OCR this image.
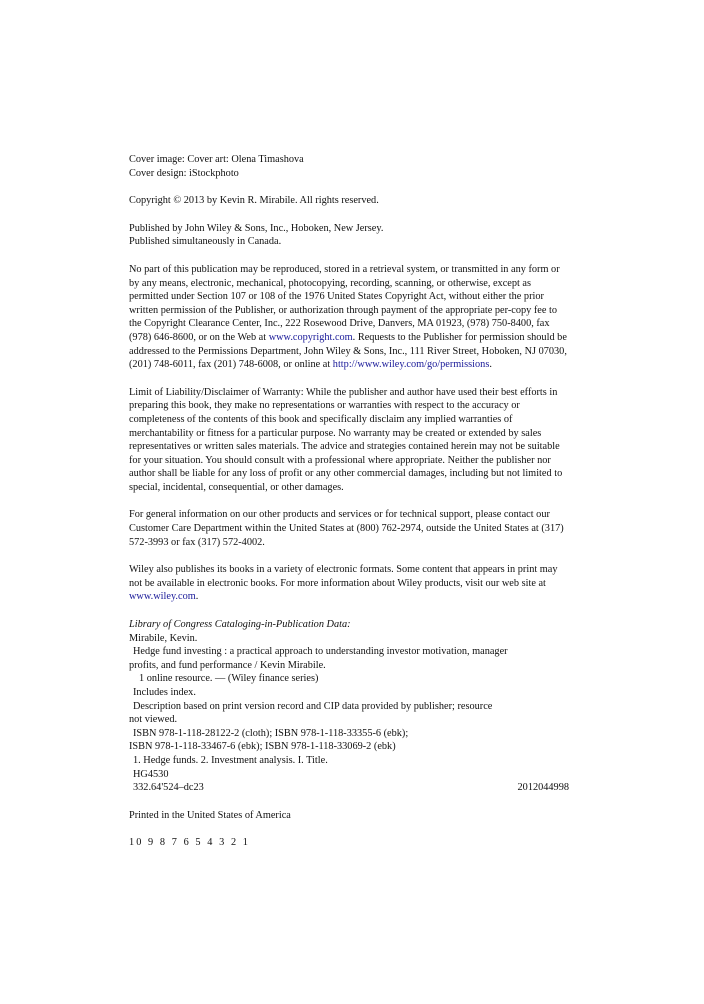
Cover image: Cover art: Olena Timashova
Cover design: iStockphoto
Copyright © 2013 by Kevin R. Mirabile. All rights reserved.
Published by John Wiley & Sons, Inc., Hoboken, New Jersey.
Published simultaneously in Canada.
No part of this publication may be reproduced, stored in a retrieval system, or transmitted in any form or by any means, electronic, mechanical, photocopying, recording, scanning, or otherwise, except as permitted under Section 107 or 108 of the 1976 United States Copyright Act, without either the prior written permission of the Publisher, or authorization through payment of the appropriate per-copy fee to the Copyright Clearance Center, Inc., 222 Rosewood Drive, Danvers, MA 01923, (978) 750-8400, fax (978) 646-8600, or on the Web at www.copyright.com. Requests to the Publisher for permission should be addressed to the Permissions Department, John Wiley & Sons, Inc., 111 River Street, Hoboken, NJ 07030, (201) 748-6011, fax (201) 748-6008, or online at http://www.wiley.com/go/permissions.
Limit of Liability/Disclaimer of Warranty: While the publisher and author have used their best efforts in preparing this book, they make no representations or warranties with respect to the accuracy or completeness of the contents of this book and specifically disclaim any implied warranties of merchantability or fitness for a particular purpose. No warranty may be created or extended by sales representatives or written sales materials. The advice and strategies contained herein may not be suitable for your situation. You should consult with a professional where appropriate. Neither the publisher nor author shall be liable for any loss of profit or any other commercial damages, including but not limited to special, incidental, consequential, or other damages.
For general information on our other products and services or for technical support, please contact our Customer Care Department within the United States at (800) 762-2974, outside the United States at (317) 572-3993 or fax (317) 572-4002.
Wiley also publishes its books in a variety of electronic formats. Some content that appears in print may not be available in electronic books. For more information about Wiley products, visit our web site at www.wiley.com.
Library of Congress Cataloging-in-Publication Data:
Mirabile, Kevin.
Hedge fund investing : a practical approach to understanding investor motivation, manager
profits, and fund performance / Kevin Mirabile.
1 online resource. — (Wiley finance series)
Includes index.
Description based on print version record and CIP data provided by publisher; resource
not viewed.
ISBN 978-1-118-28122-2 (cloth); ISBN 978-1-118-33355-6 (ebk);
ISBN 978-1-118-33467-6 (ebk); ISBN 978-1-118-33069-2 (ebk)
1. Hedge funds. 2. Investment analysis. I. Title.
HG4530
332.64'524–dc23	2012044998
Printed in the United States of America
10 9 8 7 6 5 4 3 2 1
